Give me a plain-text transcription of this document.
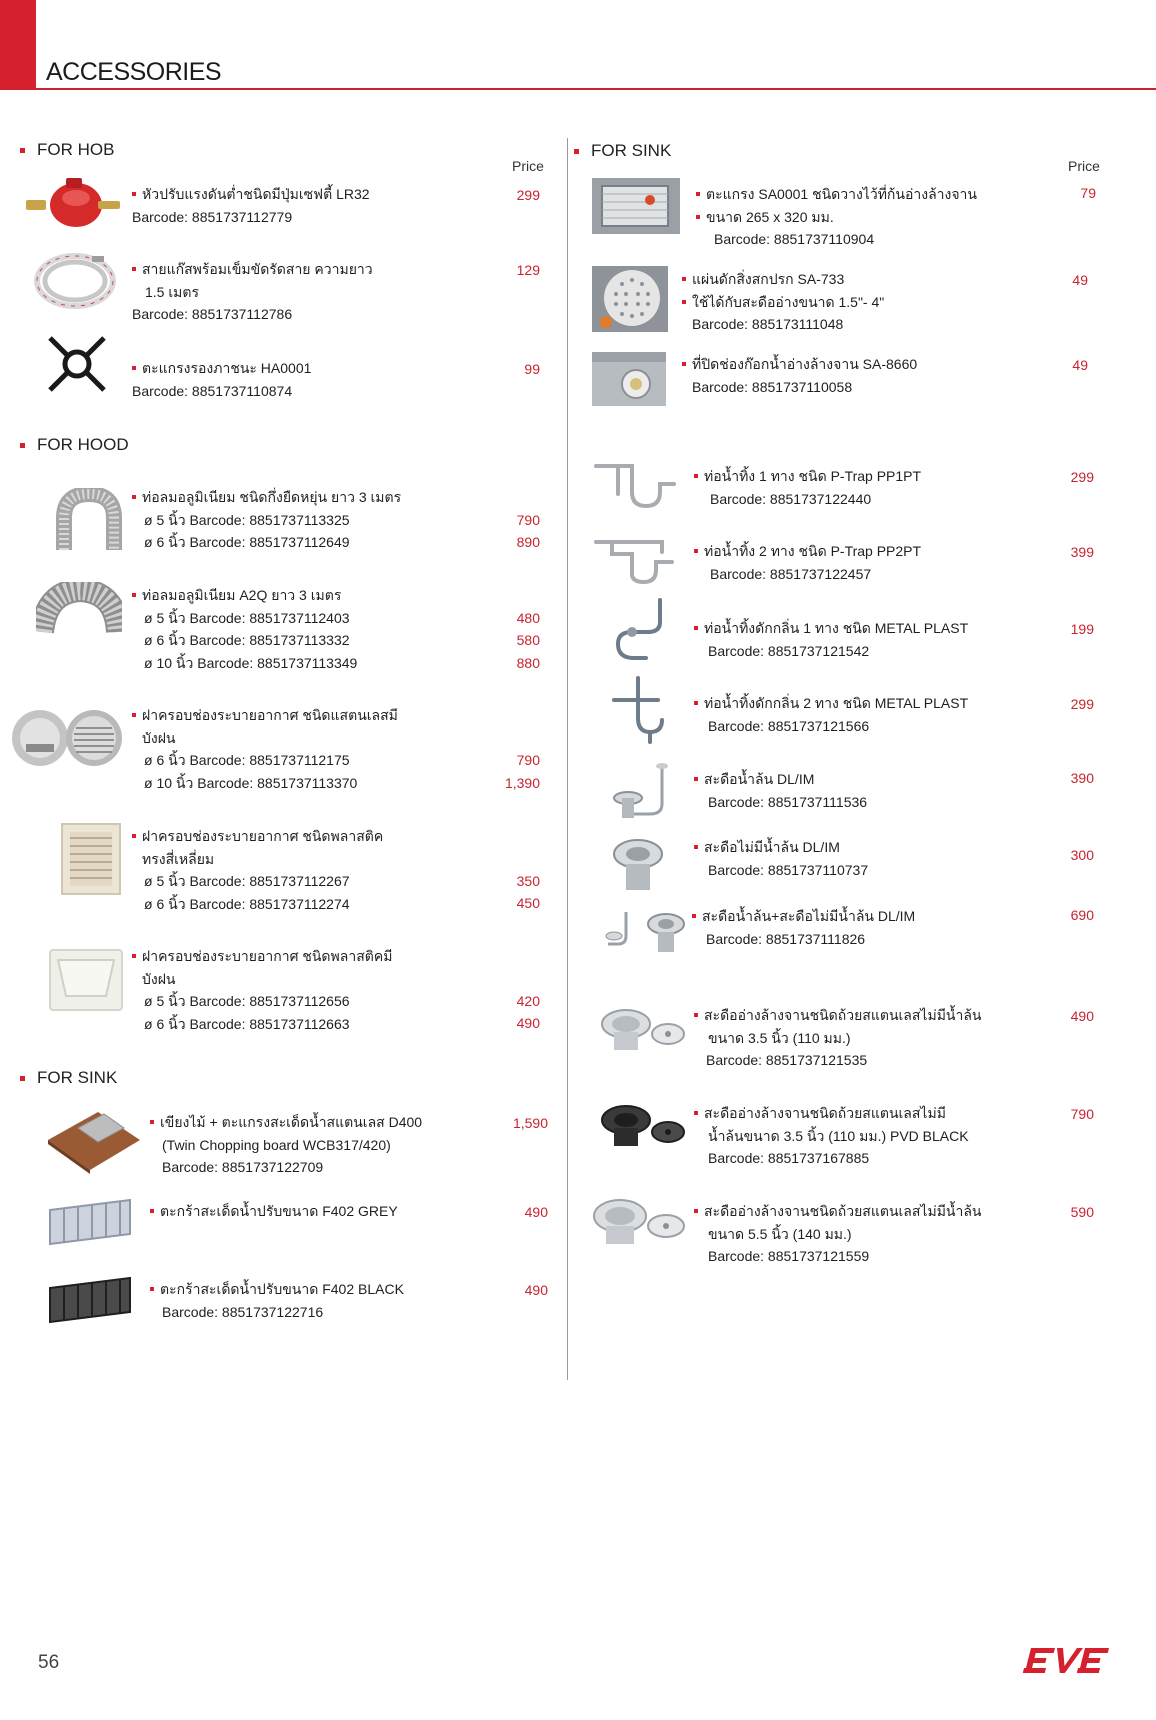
ACCESSORIES
FOR HOB
Price
หัวปรับแรงดันต่ำชนิดมีปุ่มเซฟตี้ LR32
Barcode: 8851737112779
299
สายแก๊สพร้อมเข็มขัดรัดสาย ความยาว
1.5 เมตร
Barcode: 8851737112786
129
ตะแกรงรองภาชนะ HA0001
Barcode: 8851737110874
99
FOR HOOD
ท่อลมอลูมิเนียม ชนิดกึ่งยืดหยุ่น ยาว 3 เมตร
ø 5 นิ้ว Barcode: 8851737113325
ø 6 นิ้ว Barcode: 8851737112649
790
890
ท่อลมอลูมิเนียม A2Q ยาว 3 เมตร
ø 5 นิ้ว Barcode: 8851737112403
ø 6 นิ้ว Barcode: 8851737113332
ø 10 นิ้ว Barcode: 8851737113349
480
580
880
ฝาครอบช่องระบายอากาศ ชนิดแสตนเลสมี
บังฝน
ø 6 นิ้ว Barcode: 8851737112175
ø 10 นิ้ว Barcode: 8851737113370
790
1,390
ฝาครอบช่องระบายอากาศ ชนิดพลาสติค
ทรงสี่เหลี่ยม
ø 5 นิ้ว Barcode: 8851737112267
ø 6 นิ้ว Barcode: 8851737112274
350
450
ฝาครอบช่องระบายอากาศ ชนิดพลาสติคมี
บังฝน
ø 5 นิ้ว Barcode: 8851737112656
ø 6 นิ้ว Barcode: 8851737112663
420
490
FOR SINK
เขียงไม้ + ตะแกรงสะเด็ดน้ำสแตนเลส D400
(Twin Chopping board WCB317/420)
Barcode: 8851737122709
1,590
ตะกร้าสะเด็ดน้ำปรับขนาด F402 GREY	490
ตะกร้าสะเด็ดน้ำปรับขนาด F402 BLACK
Barcode: 8851737122716
490
FOR SINK
Price
ตะแกรง SA0001 ชนิดวางไว้ที่ก้นอ่างล้างจาน
ขนาด 265 x 320 มม.
Barcode: 8851737110904
79
แผ่นดักสิ่งสกปรก SA-733
ใช้ได้กับสะดืออ่างขนาด 1.5"- 4"
Barcode: 885173111048
49
ที่ปิดช่องก๊อกน้ำอ่างล้างจาน SA-8660
Barcode: 8851737110058
49
ท่อน้ำทิ้ง 1 ทาง ชนิด P-Trap PP1PT
Barcode: 8851737122440
299
ท่อน้ำทิ้ง 2 ทาง ชนิด P-Trap PP2PT
Barcode: 8851737122457
399
ท่อน้ำทิ้งดักกลิ่น 1 ทาง ชนิด METAL PLAST
Barcode: 8851737121542
199
ท่อน้ำทิ้งดักกลิ่น 2 ทาง ชนิด METAL PLAST
Barcode: 8851737121566
299
สะดือน้ำล้น DL/IM
Barcode: 8851737111536
390
สะดือไม่มีน้ำล้น DL/IM
Barcode: 8851737110737
300
สะดือน้ำล้น+สะดือไม่มีน้ำล้น DL/IM
Barcode: 8851737111826
690
สะดืออ่างล้างจานชนิดถ้วยสแตนเลสไม่มีน้ำล้น
ขนาด 3.5 นิ้ว (110 มม.)
Barcode: 8851737121535
490
สะดืออ่างล้างจานชนิดถ้วยสแตนเลสไม่มี
น้ำล้นขนาด 3.5 นิ้ว (110 มม.) PVD BLACK
Barcode: 8851737167885
790
สะดืออ่างล้างจานชนิดถ้วยสแตนเลสไม่มีน้ำล้น
ขนาด 5.5 นิ้ว (140 มม.)
Barcode: 8851737121559
590
56
